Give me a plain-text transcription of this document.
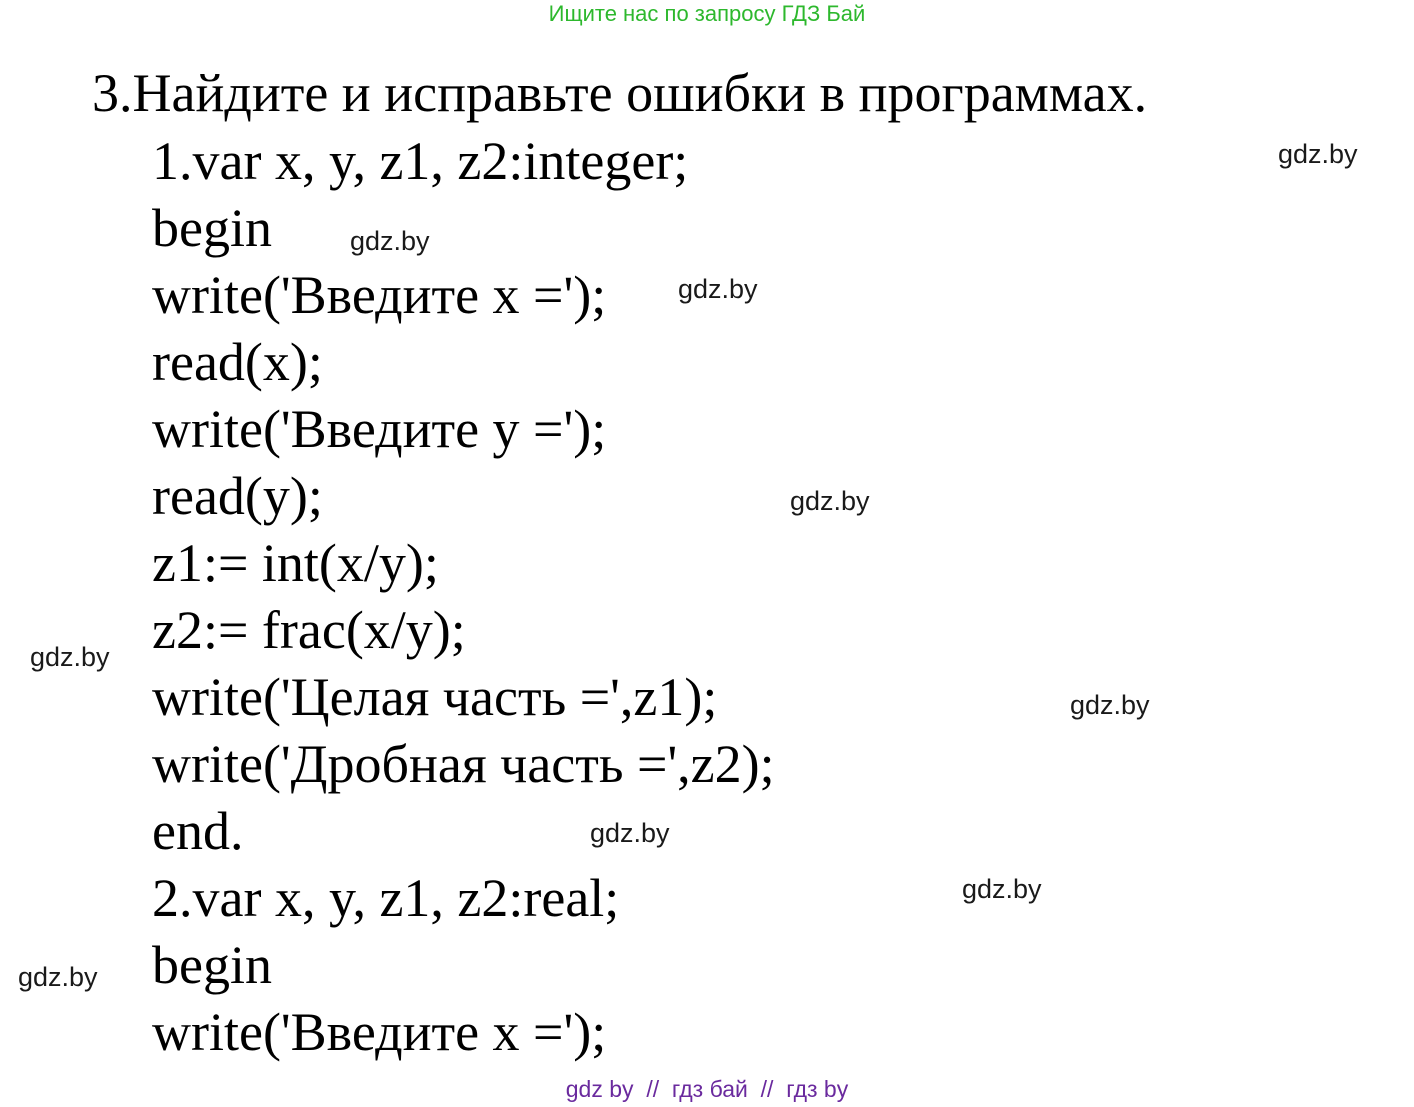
Ищите нас по запросу ГДЗ Бай
3.Найдите и исправьте ошибки в программах.
1.var x, y, z1, z2:integer;
begin
write('Введите x =');
read(x);
write('Введите y =');
read(y);
z1:= int(x/y);
z2:= frac(x/y);
write('Целая часть =',z1);
write('Дробная часть =',z2);
end.
2.var x, y, z1, z2:real;
begin
write('Введите x =');
gdz.by
gdz.by
gdz.by
gdz.by
gdz.by
gdz.by
gdz.by
gdz.by
gdz.by
gdz by // гдз бай // гдз by
